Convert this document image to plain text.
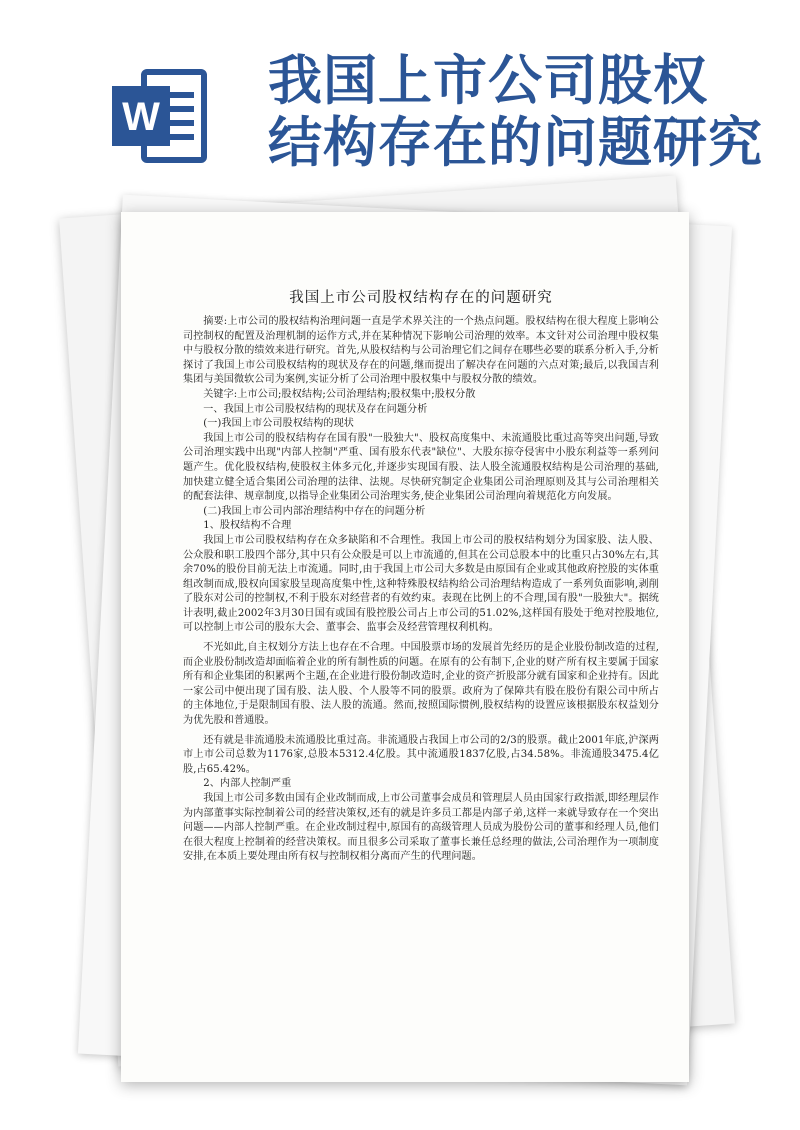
W
我国上市公司股权
结构存在的问题研究
我国上市公司股权结构存在的问题研究

摘要:上市公司的股权结构治理问题一直是学术界关注的一个热点问题。股权结构在很大程度上影响公司控制权的配置及治理机制的运作方式,并在某种情况下影响公司治理的效率。本文针对公司治理中股权集中与股权分散的绩效来进行研究。首先,从股权结构与公司治理它们之间存在哪些必要的联系分析入手,分析探讨了我国上市公司股权结构的现状及存在的问题,继而提出了解决存在问题的六点对策;最后,以我国吉利集团与美国微软公司为案例,实证分析了公司治理中股权集中与股权分散的绩效。

关键字:上市公司;股权结构;公司治理结构;股权集中;股权分散

一、我国上市公司股权结构的现状及存在问题分析

(一)我国上市公司股权结构的现状

我国上市公司的股权结构存在国有股"一股独大"、股权高度集中、未流通股比重过高等突出问题,导致公司治理实践中出现"内部人控制"严重、国有股东代表"缺位"、大股东掠夺侵害中小股东利益等一系列问题产生。优化股权结构,使股权主体多元化,并逐步实现国有股、法人股全流通股权结构是公司治理的基础,加快建立健全适合集团公司治理的法律、法规。尽快研究制定企业集团公司治理原则及其与公司治理相关的配套法律、规章制度,以指导企业集团公司治理实务,使企业集团公司治理向着规范化方向发展。

(二)我国上市公司内部治理结构中存在的问题分析

1、股权结构不合理

我国上市公司股权结构存在众多缺陷和不合理性。我国上市公司的股权结构划分为国家股、法人股、公众股和职工股四个部分,其中只有公众股是可以上市流通的,但其在公司总股本中的比重只占30%左右,其余70%的股份目前无法上市流通。同时,由于我国上市公司大多数是由原国有企业或其他政府控股的实体重组改制而成,股权向国家股呈现高度集中性,这种特殊股权结构给公司治理结构造成了一系列负面影响,剥削了股东对公司的控制权,不利于股东对经营者的有效约束。表现在比例上的不合理,国有股"一股独大"。据统计表明,截止2002年3月30日国有或国有股控股公司占上市公司的51.02%,这样国有股处于绝对控股地位,可以控制上市公司的股东大会、董事会、监事会及经营管理权利机构。

不光如此,自主权划分方法上也存在不合理。中国股票市场的发展首先经历的是企业股份制改造的过程,而企业股份制改造却面临着企业的所有制性质的问题。在原有的公有制下,企业的财产所有权主要属于国家所有和企业集团的积累两个主题,在企业进行股份制改造时,企业的资产折股部分就有国家和企业持有。因此一家公司中便出现了国有股、法人股、个人股等不同的股票。政府为了保障共有股在股份有限公司中所占的主体地位,于是限制国有股、法人股的流通。然而,按照国际惯例,股权结构的设置应该根据股东权益划分为优先股和普通股。

还有就是非流通股未流通股比重过高。非流通股占我国上市公司的2/3的股票。截止2001年底,沪深两市上市公司总数为1176家,总股本5312.4亿股。其中流通股1837亿股,占34.58%。非流通股3475.4亿股,占65.42%。

2、内部人控制严重

我国上市公司多数由国有企业改制而成,上市公司董事会成员和管理层人员由国家行政指派,即经理层作为内部董事实际控制着公司的经营决策权,还有的就是许多员工都是内部子弟,这样一来就导致存在一个突出问题——内部人控制严重。在企业改制过程中,原国有的高级管理人员成为股份公司的董事和经理人员,他们在很大程度上控制着的经营决策权。而且很多公司采取了董事长兼任总经理的做法,公司治理作为一项制度安排,在本质上要处理由所有权与控制权相分离而产生的代理问题。
